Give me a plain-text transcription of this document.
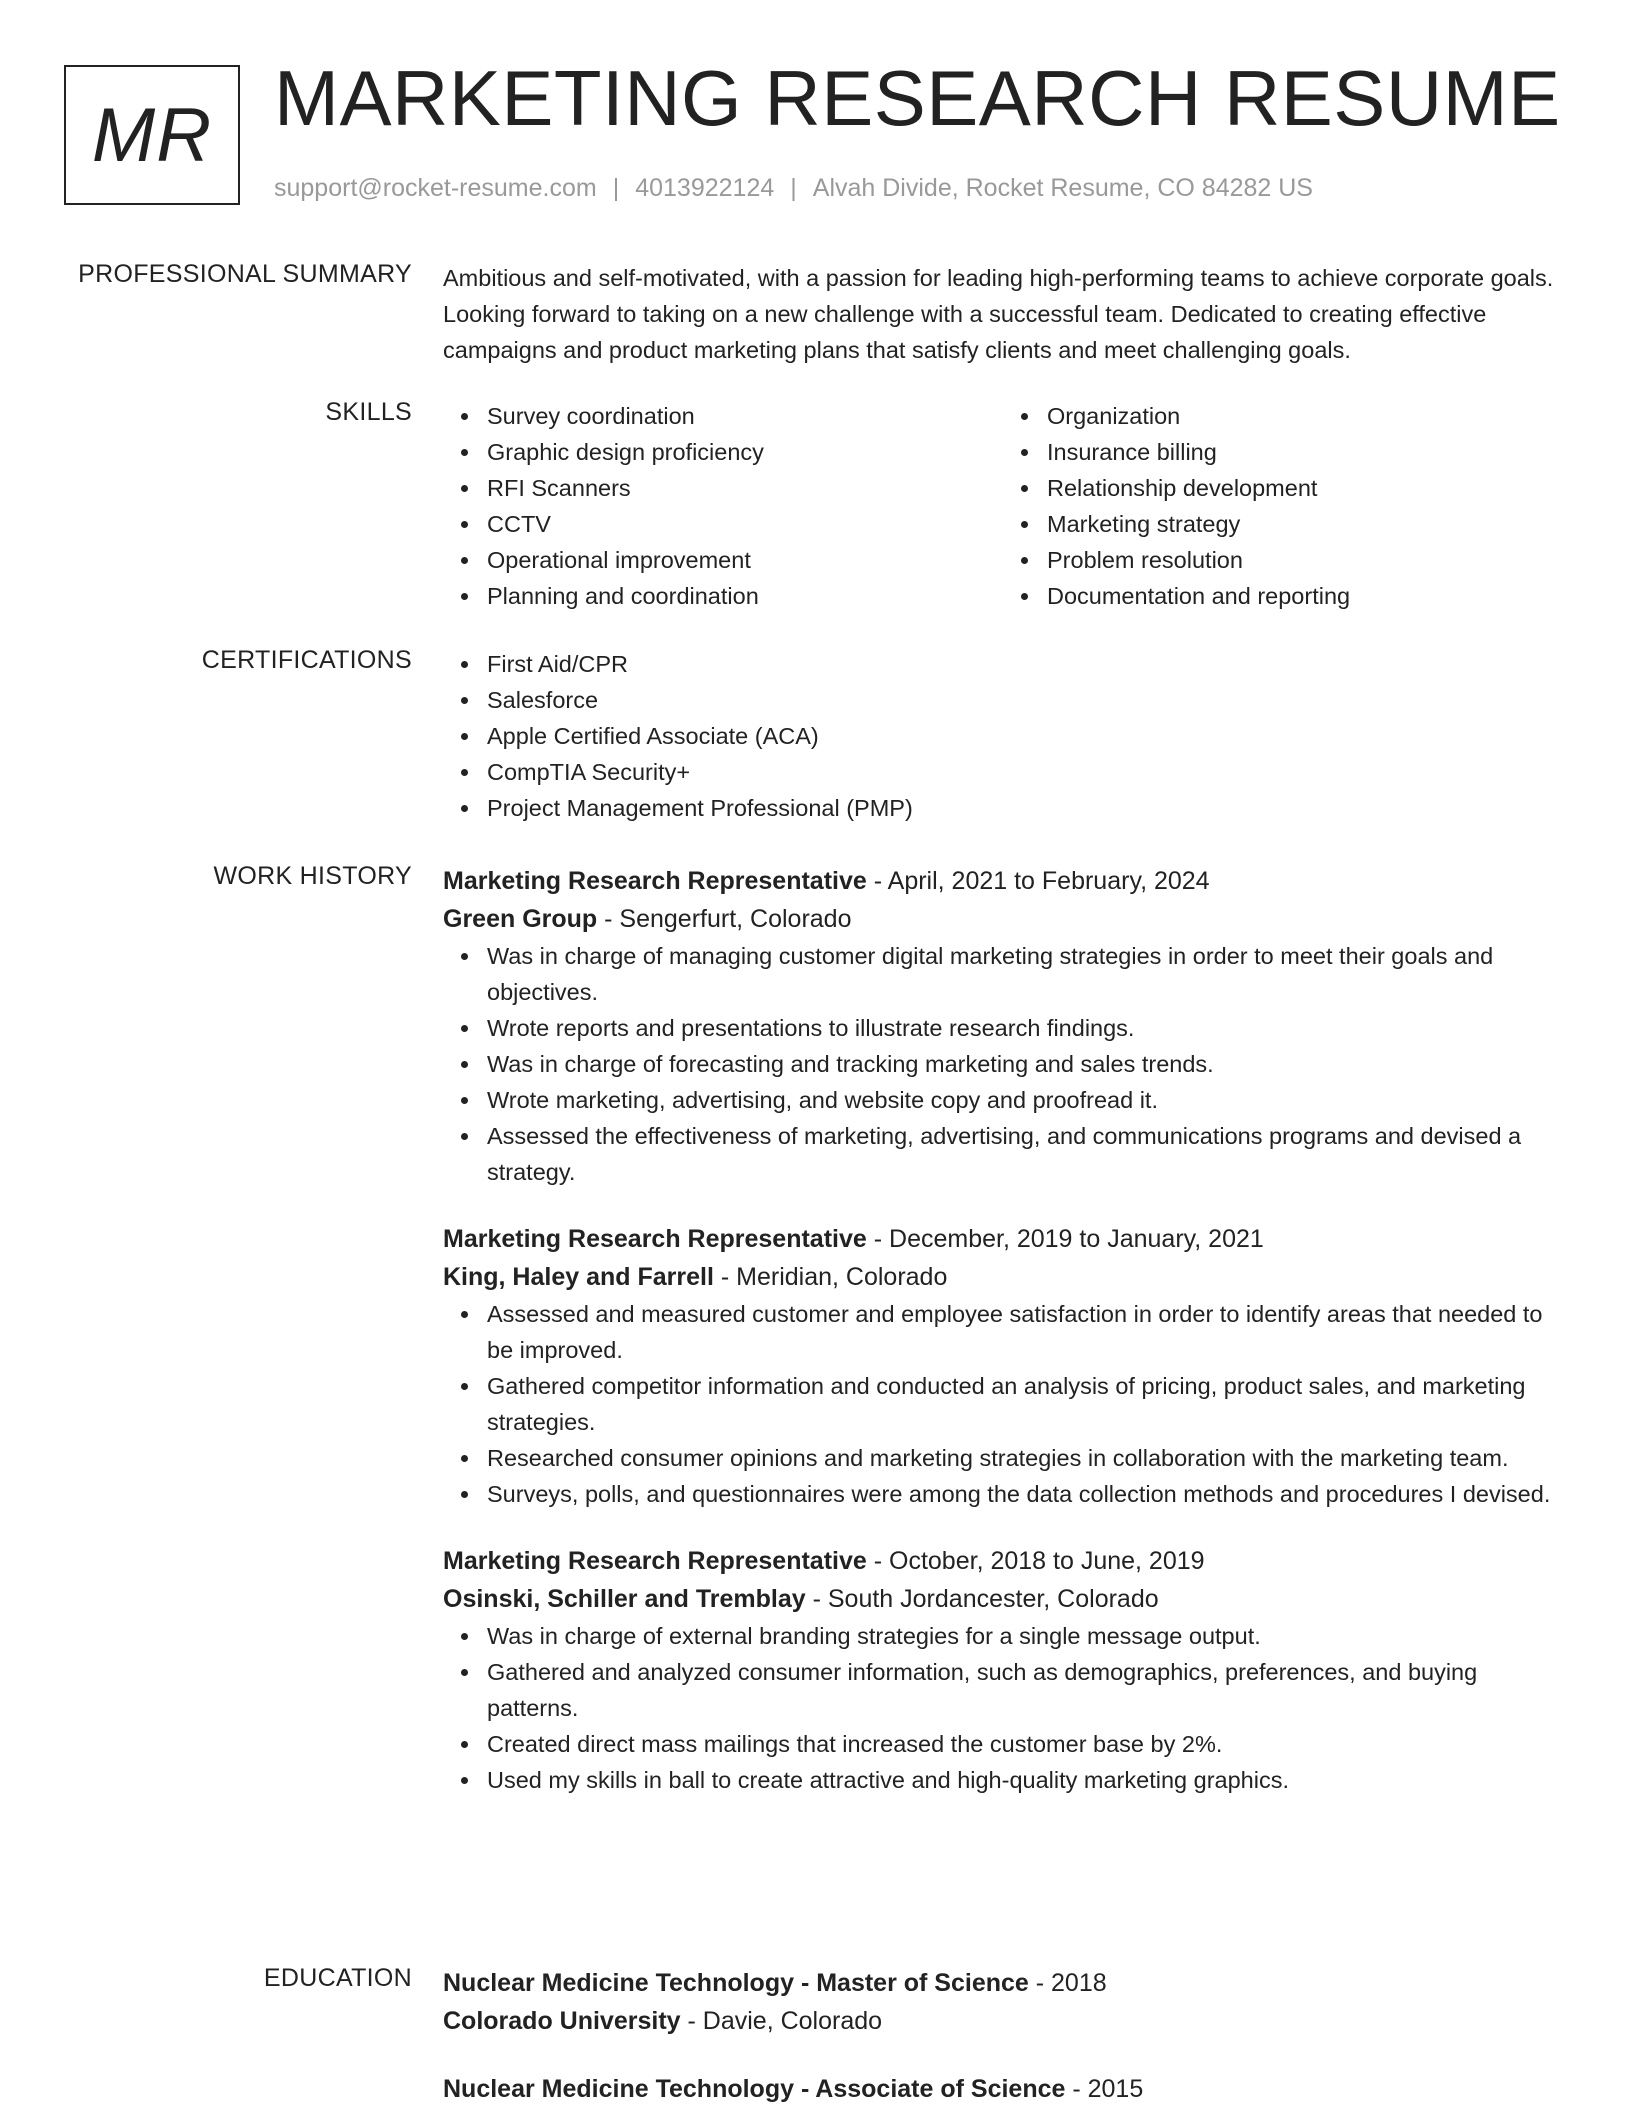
MR MARKETING RESEARCH RESUME
support@rocket-resume.com | 4013922124 | Alvah Divide, Rocket Resume, CO 84282 US
PROFESSIONAL SUMMARY Ambitious and self-motivated, with a passion for leading high-performing teams to achieve corporate goals. Looking forward to taking on a new challenge with a successful team. Dedicated to creating effective campaigns and product marketing plans that satisfy clients and meet challenging goals.

SKILLS	Survey coordination
Graphic design proficiency
RFI Scanners
CCTV
Operational improvement
Planning and coordination
Organization
Insurance billing
Relationship development
Marketing strategy
Problem resolution
Documentation and reporting
CERTIFICATIONS	First Aid/CPR
Salesforce
Apple Certified Associate (ACA)
CompTIA Security+
Project Management Professional (PMP)
WORK HISTORY Marketing Research Representative - April, 2021 to February, 2024
Green Group - Sengerfurt, Colorado
Was in charge of managing customer digital marketing strategies in order to meet their goals and objectives.
Wrote reports and presentations to illustrate research findings.
Was in charge of forecasting and tracking marketing and sales trends.
Wrote marketing, advertising, and website copy and proofread it.
Assessed the effectiveness of marketing, advertising, and communications programs and devised a strategy.
Marketing Research Representative - December, 2019 to January, 2021
King, Haley and Farrell - Meridian, Colorado
Assessed and measured customer and employee satisfaction in order to identify areas that needed to be improved.
Gathered competitor information and conducted an analysis of pricing, product sales, and marketing strategies.
Researched consumer opinions and marketing strategies in collaboration with the marketing team.
Surveys, polls, and questionnaires were among the data collection methods and procedures I devised.
Marketing Research Representative - October, 2018 to June, 2019
Osinski, Schiller and Tremblay - South Jordancester, Colorado
Was in charge of external branding strategies for a single message output.
Gathered and analyzed consumer information, such as demographics, preferences, and buying patterns.
Created direct mass mailings that increased the customer base by 2%.
Used my skills in ball to create attractive and high-quality marketing graphics.
EDUCATION Nuclear Medicine Technology - Master of Science - 2018
Colorado University - Davie, Colorado
Nuclear Medicine Technology - Associate of Science - 2015
